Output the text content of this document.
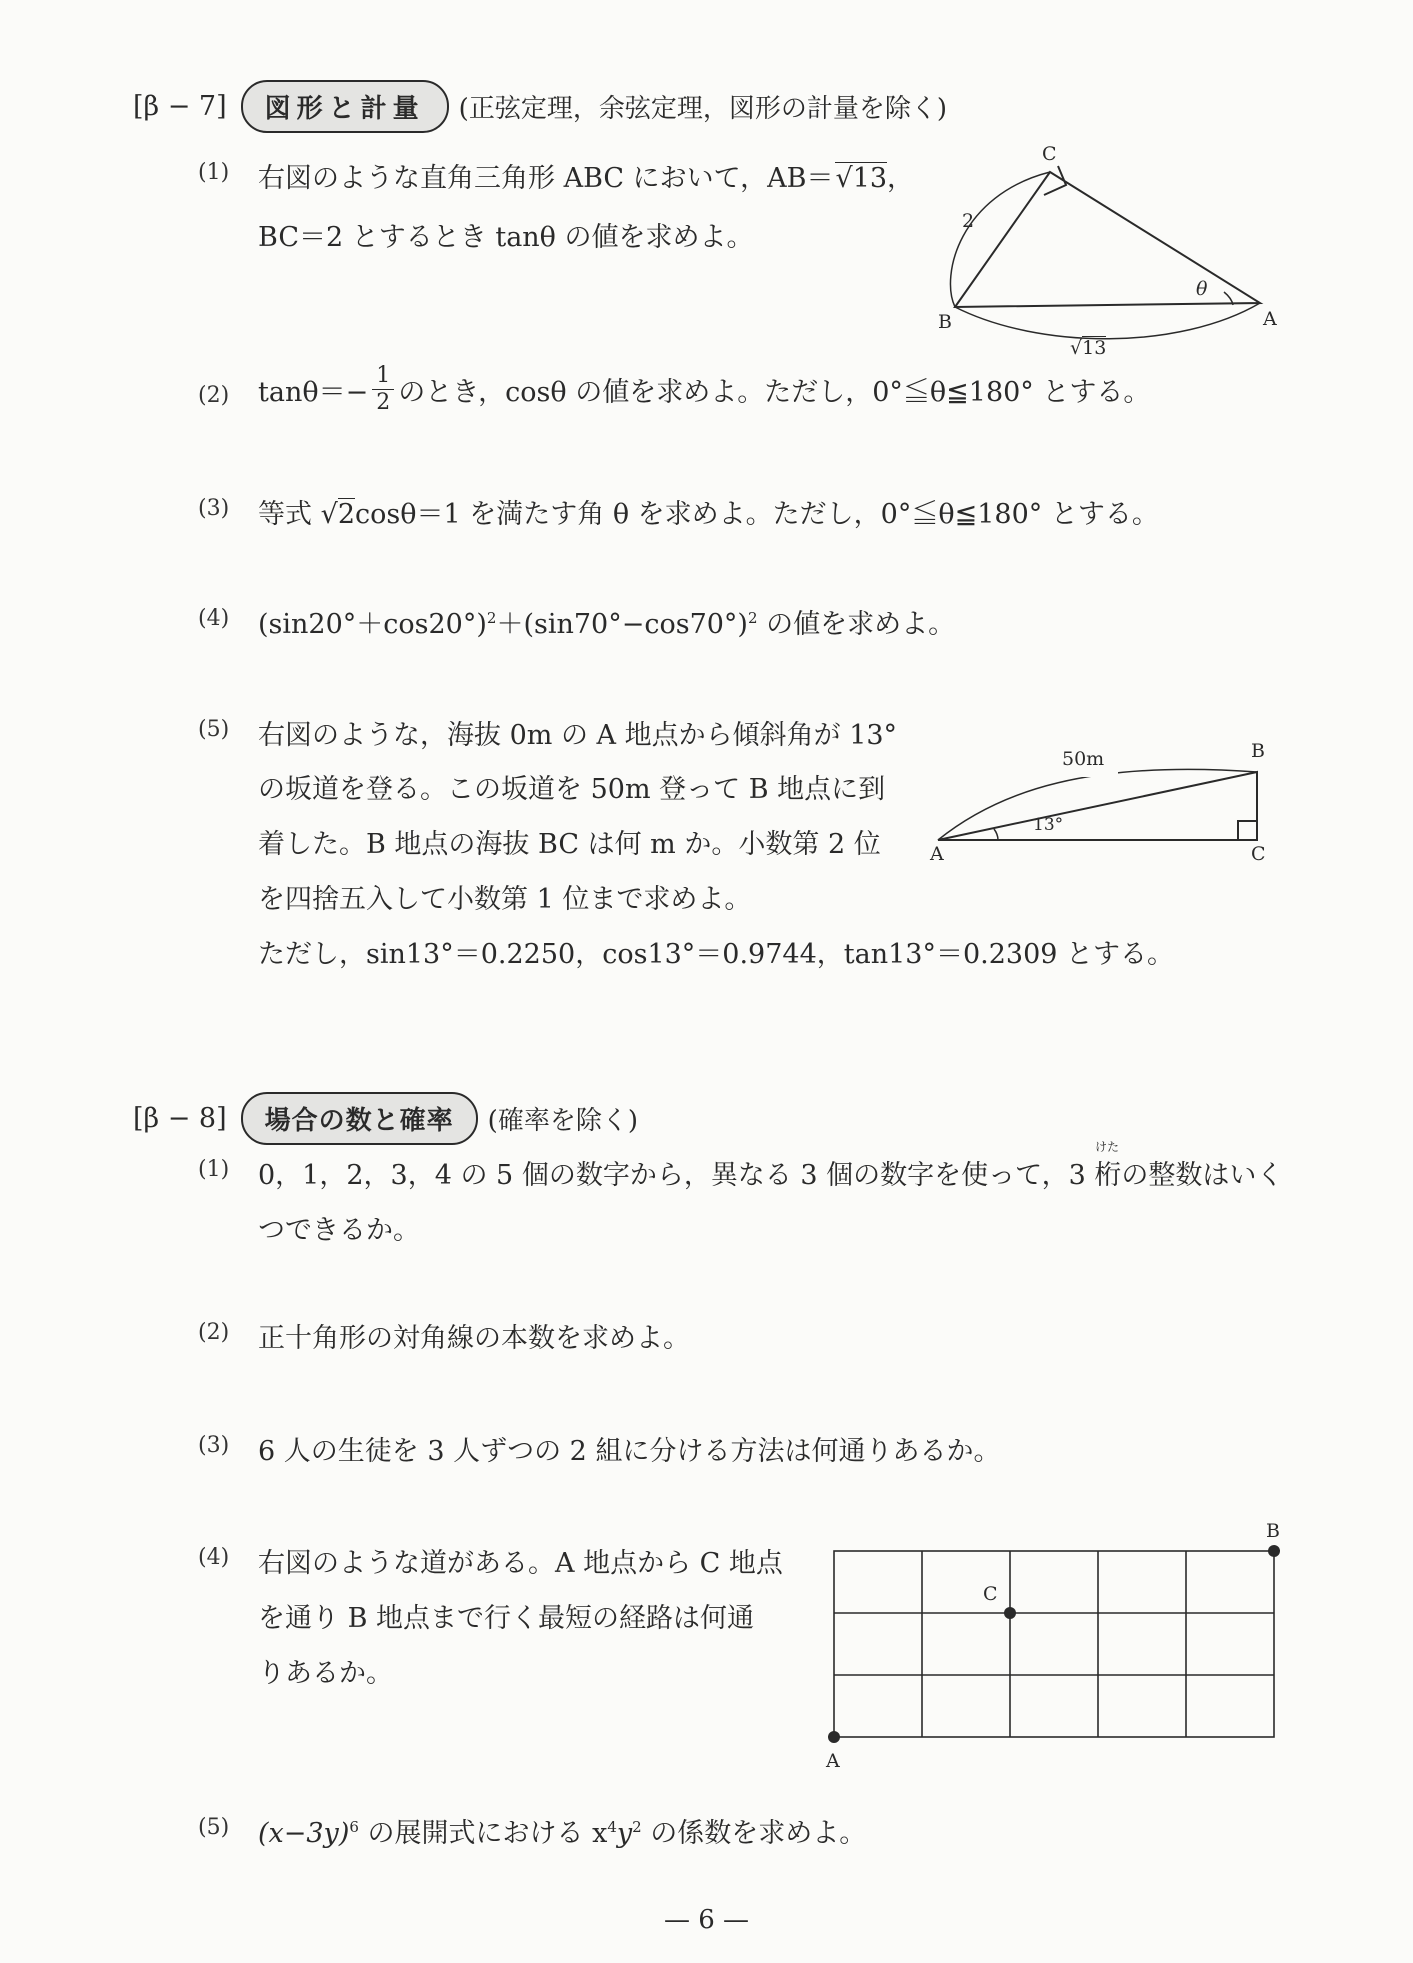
[β − 7]	図形と計量	(正弦定理，余弦定理，図形の計量を除く)
(1) 右図のような直角三角形 ABC において，AB＝√13，
BC＝2 とするとき tanθ の値を求めよ。
C
B	A
2
θ
√13
(2) $\tan\theta=- \frac{1}{2}$ のとき，cosθ の値を求めよ。ただし，0°≦θ≦180° とする。
(3) 等式 √2cosθ＝1 を満たす角 θ を求めよ。ただし，0°≦θ≦180° とする。
(4) $(\sin 20^\circ+\cos 20^\circ)^2+(\sin 70^\circ-\cos 70^\circ)^2$ の値を求めよ。
(5) 右図のような，海抜 0m の A 地点から傾斜角が 13°
の坂道を登る。この坂道を 50m 登って B 地点に到
着した。B 地点の海抜 BC は何 m か。小数第 2 位
を四捨五入して小数第 1 位まで求めよ。
ただし，sin13°＝0.2250，cos13°＝0.9744，tan13°＝0.2309 とする。
A
B
C
50m
13°
[β − 8]	場合の数と確率	(確率を除く)
(1)
けた
0，1，2，3，4 の 5 個の数字から，異なる 3 個の数字を使って，3 桁の整数はいく
つできるか。
(2) 正十角形の対角線の本数を求めよ。
(3) 6 人の生徒を 3 人ずつの 2 組に分ける方法は何通りあるか。
(4) 右図のような道がある。A 地点から C 地点
を通り B 地点まで行く最短の経路は何通
りあるか。
A
B
C
(5) $(x-3y)^6$ の展開式における $x^4y^2$ の係数を求めよ。
— 6 —
